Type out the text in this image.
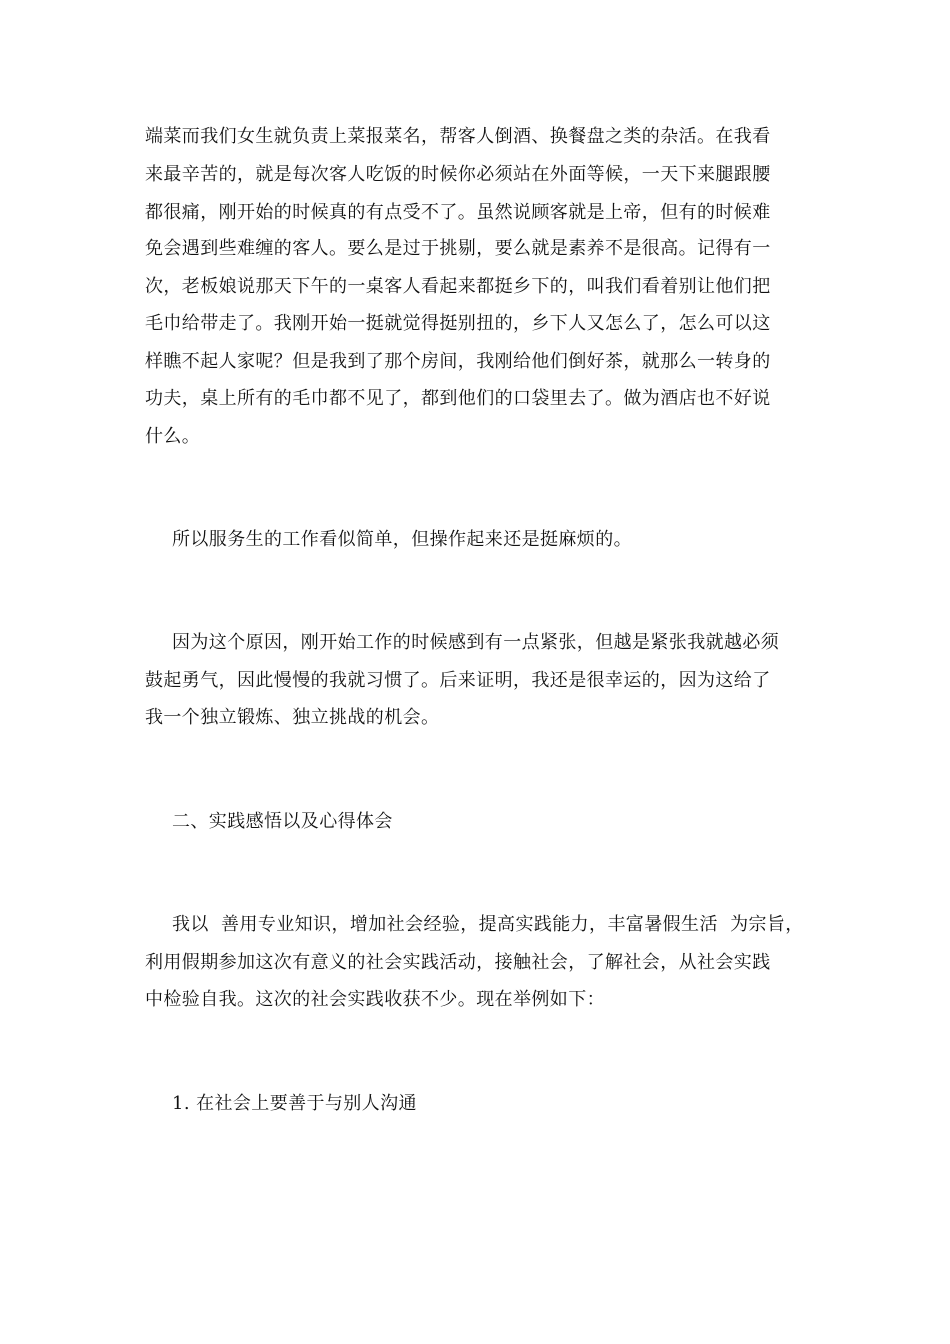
端菜而我们女生就负责上菜报菜名，帮客人倒酒、换餐盘之类的杂活。在我看
来最辛苦的，就是每次客人吃饭的时候你必须站在外面等候，一天下来腿跟腰
都很痛，刚开始的时候真的有点受不了。虽然说顾客就是上帝，但有的时候难
免会遇到些难缠的客人。要么是过于挑剔，要么就是素养不是很高。记得有一
次，老板娘说那天下午的一桌客人看起来都挺乡下的，叫我们看着别让他们把
毛巾给带走了。我刚开始一挺就觉得挺别扭的，乡下人又怎么了，怎么可以这
样瞧不起人家呢？但是我到了那个房间，我刚给他们倒好茶，就那么一转身的
功夫，桌上所有的毛巾都不见了，都到他们的口袋里去了。做为酒店也不好说
什么。
所以服务生的工作看似简单，但操作起来还是挺麻烦的。
因为这个原因，刚开始工作的时候感到有一点紧张，但越是紧张我就越必须
鼓起勇气，因此慢慢的我就习惯了。后来证明，我还是很幸运的，因为这给了
我一个独立锻炼、独立挑战的机会。
二、实践感悟以及心得体会
我以  善用专业知识，增加社会经验，提高实践能力，丰富暑假生活  为宗旨，
利用假期参加这次有意义的社会实践活动，接触社会，了解社会，从社会实践
中检验自我。这次的社会实践收获不少。现在举例如下：
1. 在社会上要善于与别人沟通
